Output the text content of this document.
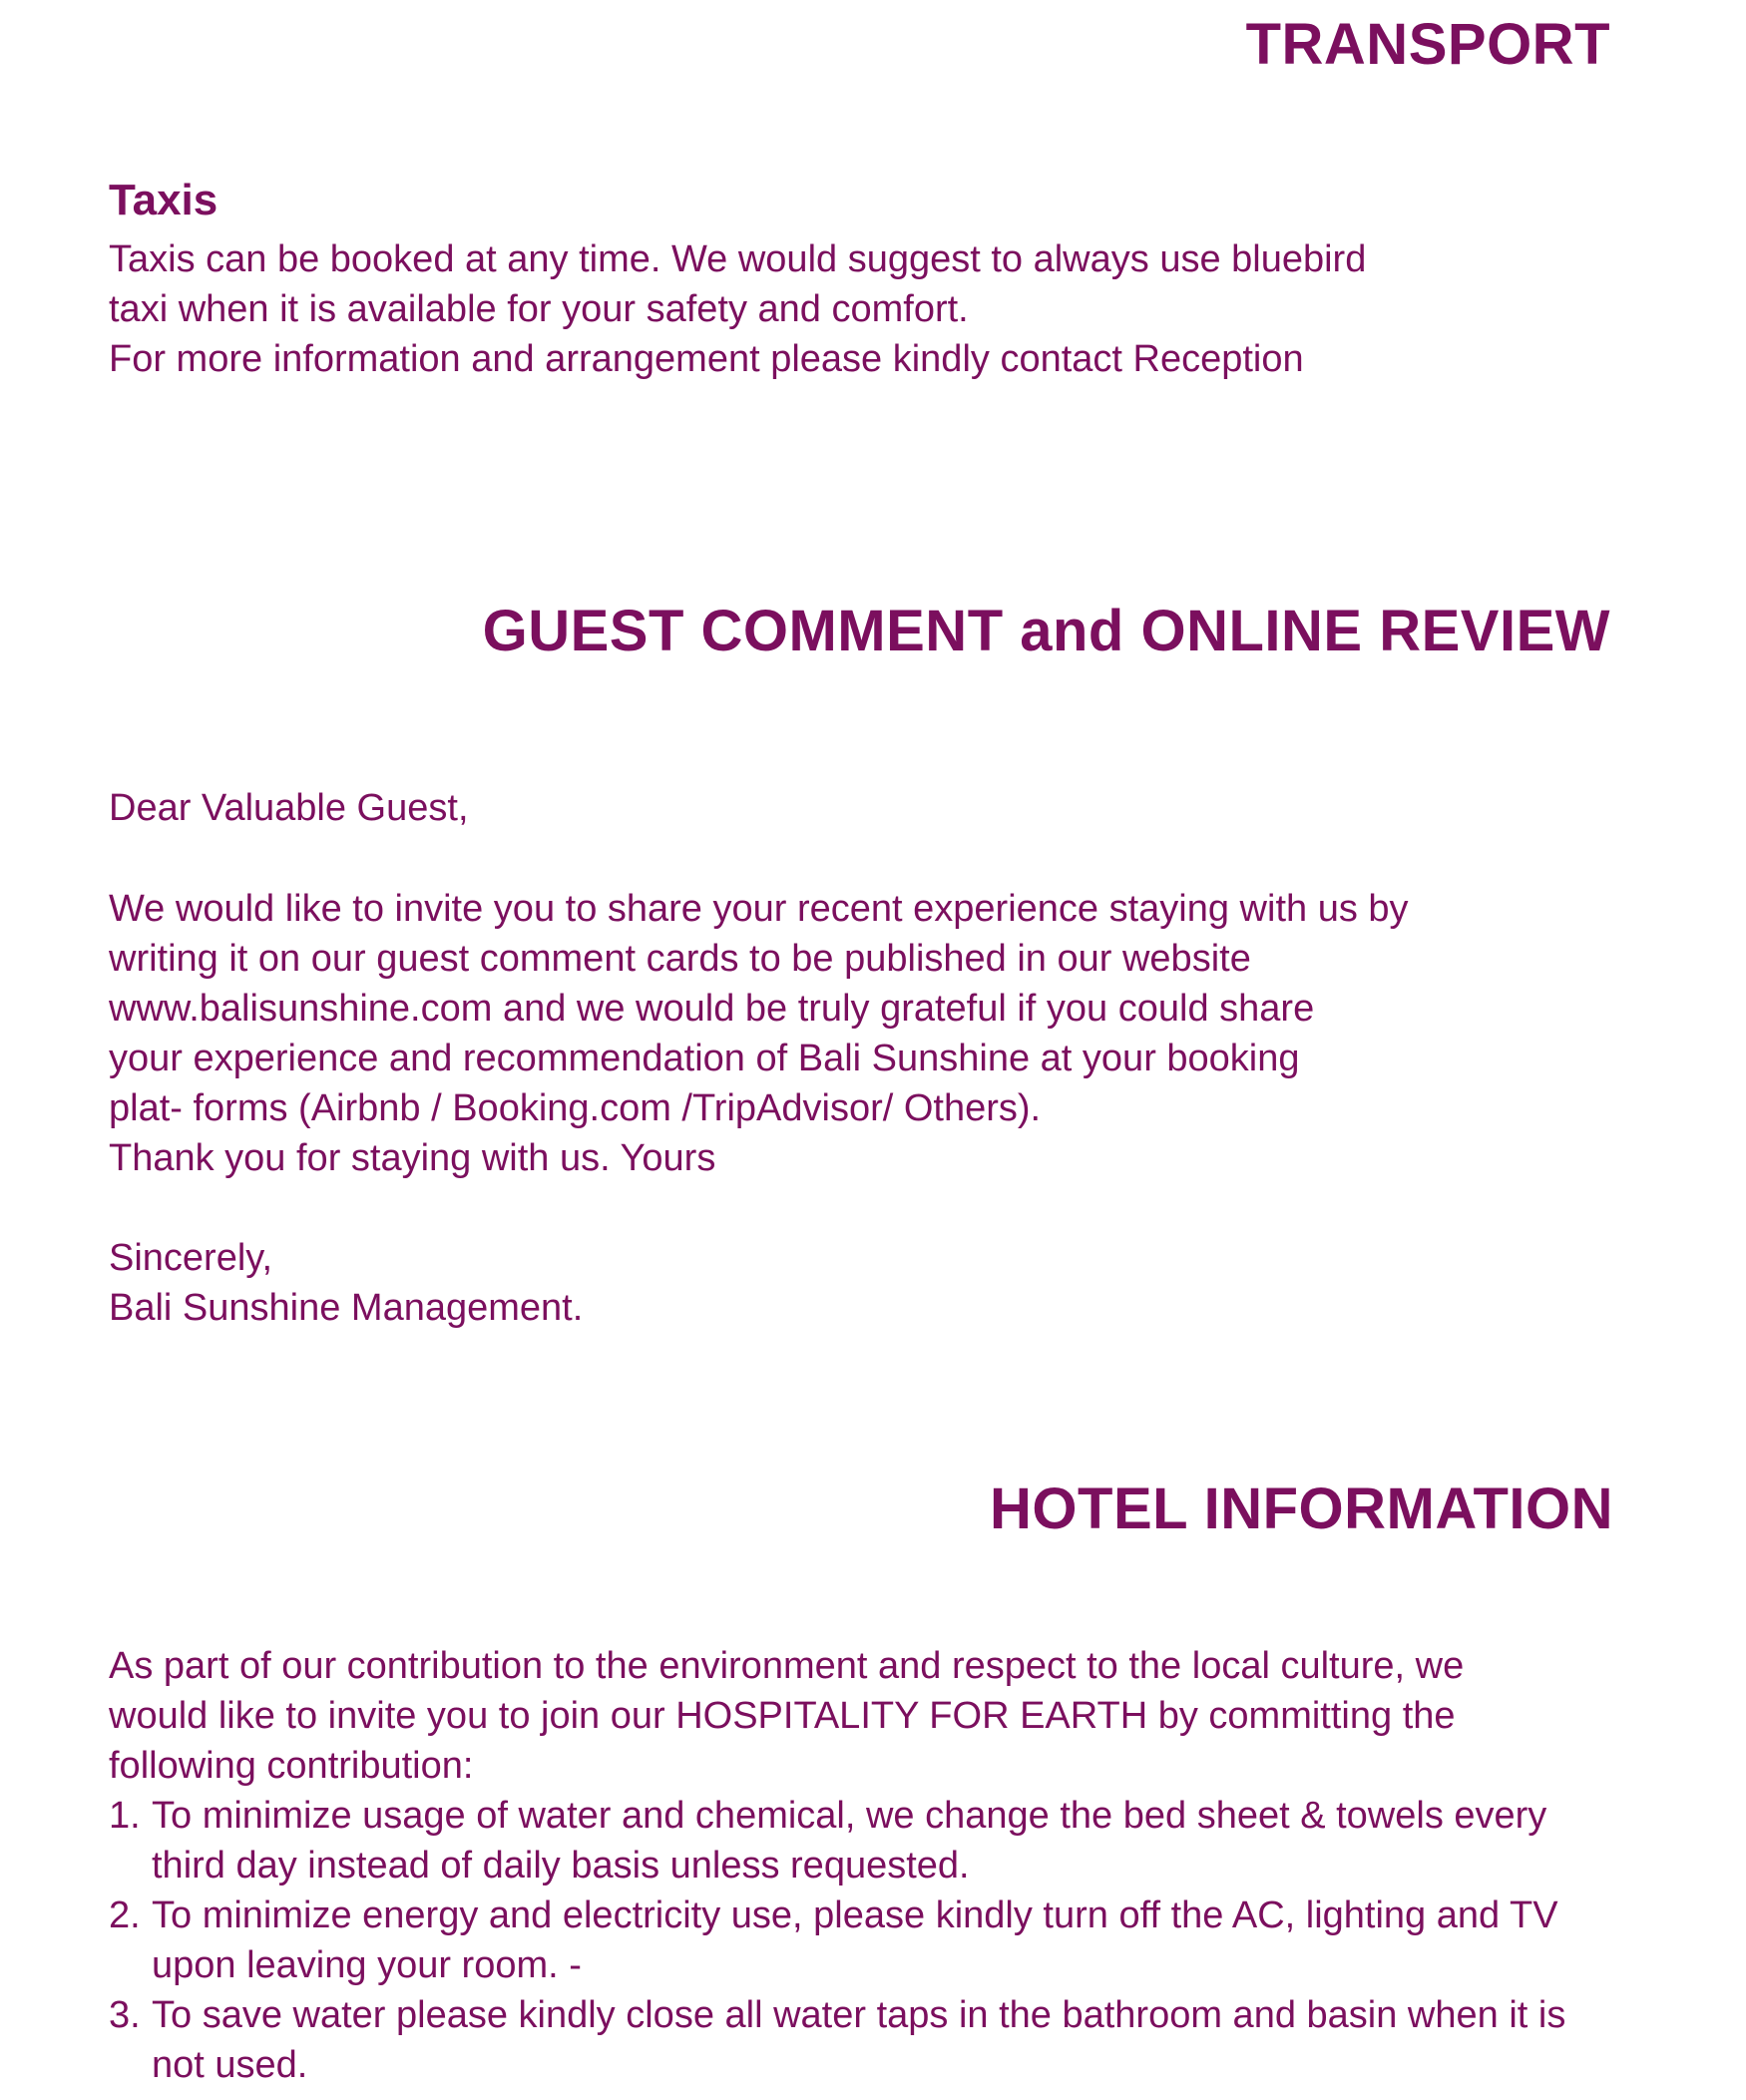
TRANSPORT
Taxis

Taxis can be booked at any time. We would suggest to always use bluebird
taxi when it is available for your safety and comfort.
For more information and arrangement please kindly contact Reception

GUEST COMMENT and ONLINE REVIEW

Dear Valuable Guest,

We would like to invite you to share your recent experience staying with us by
writing it on our guest comment cards to be published in our website
www.balisunshine.com and we would be truly grateful if you could share
your experience and recommendation of Bali Sunshine at your booking
plat- forms (Airbnb / Booking.com /TripAdvisor/ Others).
Thank you for staying with us. Yours

Sincerely,
Bali Sunshine Management.

HOTEL INFORMATION

As part of our contribution to the environment and respect to the local culture, we
would like to invite you to join our HOSPITALITY FOR EARTH by committing the
following contribution:

1. To minimize usage of water and chemical, we change the bed sheet & towels every
third day instead of daily basis unless requested.
2. To minimize energy and electricity use, please kindly turn off the AC, lighting and TV
upon leaving your room. -
3. To save water please kindly close all water taps in the bathroom and basin when it is
not used.
